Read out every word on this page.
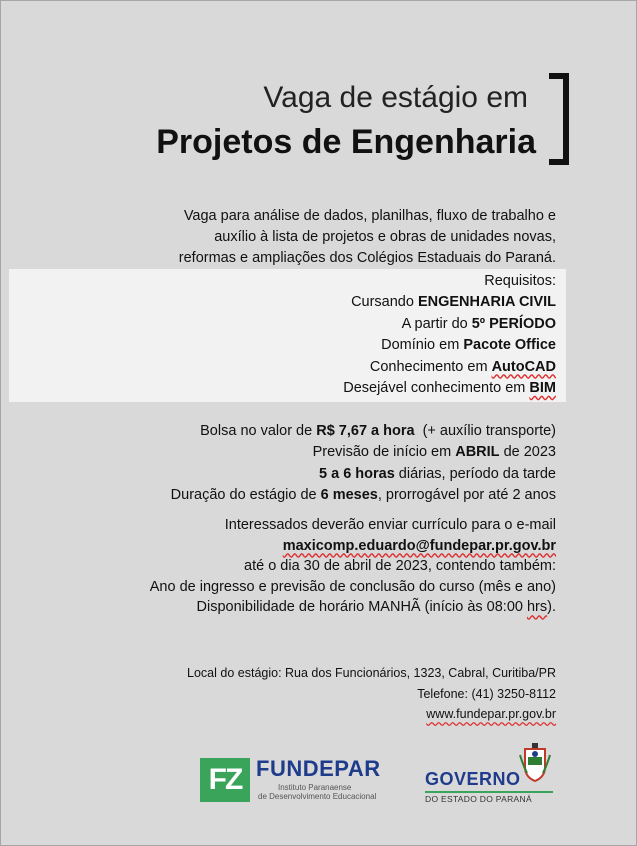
Vaga de estágio em
Projetos de Engenharia
Vaga para análise de dados, planilhas, fluxo de trabalho e
auxílio à lista de projetos e obras de unidades novas,
reformas e ampliações dos Colégios Estaduais do Paraná.
Requisitos:
Cursando ENGENHARIA CIVIL
A partir do 5º PERÍODO
Domínio em Pacote Office
Conhecimento em AutoCAD
Desejável conhecimento em BIM
Bolsa no valor de R$ 7,67 a hora  (+ auxílio transporte)
Previsão de início em ABRIL de 2023
5 a 6 horas diárias, período da tarde
Duração do estágio de 6 meses, prorrogável por até 2 anos
Interessados deverão enviar currículo para o e-mail
maxicomp.eduardo@fundepar.pr.gov.br
até o dia 30 de abril de 2023, contendo também:
Ano de ingresso e previsão de conclusão do curso (mês e ano)
Disponibilidade de horário MANHÃ (início às 08:00 hrs).
Local do estágio: Rua dos Funcionários, 1323, Cabral, Curitiba/PR
Telefone: (41) 3250-8112
www.fundepar.pr.gov.br
FZ FUNDEPAR
Instituto Paranaense
de Desenvolvimento Educacional
GOVERNO
DO ESTADO DO PARANÁ
